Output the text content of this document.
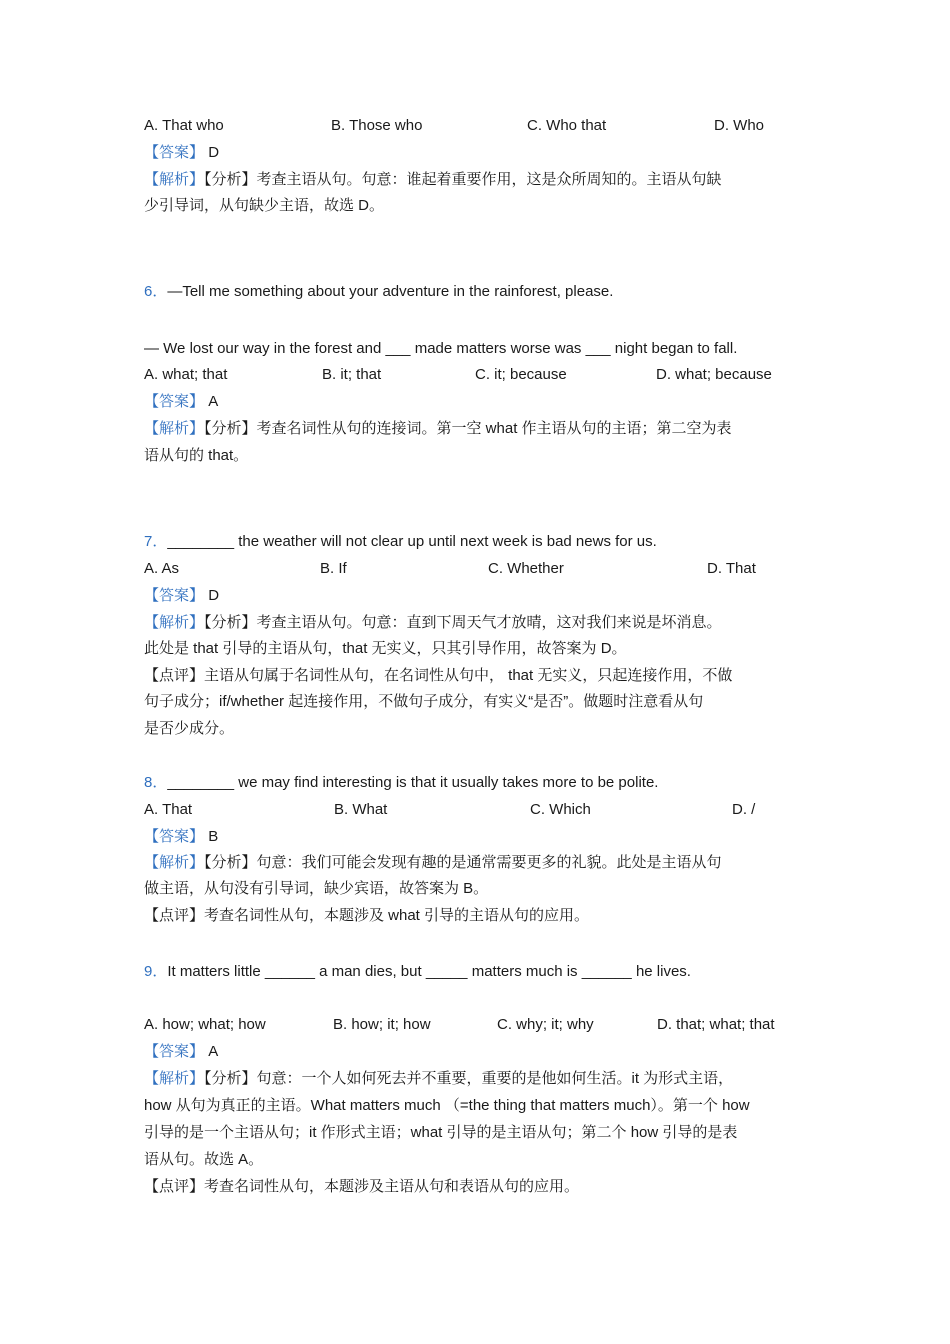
A. That who	B. Those who	C. Who that	D. Who
【答案】 D
【解析】【分析】考查主语从句。句意：谁起着重要作用，这是众所周知的。主语从句缺
少引导词，从句缺少主语，故选 D。
6．—Tell me something about your adventure in the rainforest, please.
— We lost our way in the forest and ___ made matters worse was ___ night began to fall.
A. what; that	B. it; that	C. it; because	D. what; because
【答案】 A
【解析】【分析】考查名词性从句的连接词。第一空 what 作主语从句的主语；第二空为表
语从句的 that。
7．________ the weather will not clear up until next week is bad news for us.
A. As	B. If	C. Whether	D. That
【答案】 D
【解析】【分析】考查主语从句。句意：直到下周天气才放晴，这对我们来说是坏消息。
此处是 that 引导的主语从句，that 无实义，只其引导作用，故答案为 D。
【点评】主语从句属于名词性从句，在名词性从句中， that 无实义，只起连接作用，不做
句子成分；if/whether 起连接作用，不做句子成分，有实义“是否”。做题时注意看从句
是否少成分。
8．________ we may find interesting is that it usually takes more to be polite.
A. That	B. What	C. Which	D. /
【答案】 B
【解析】【分析】句意：我们可能会发现有趣的是通常需要更多的礼貌。此处是主语从句
做主语，从句没有引导词，缺少宾语，故答案为 B。
【点评】考查名词性从句，本题涉及 what 引导的主语从句的应用。
9．It matters little ______ a man dies, but _____ matters much is ______ he lives.
A. how; what; how	B. how; it; how	C. why; it; why	D. that; what; that
【答案】 A
【解析】【分析】句意：一个人如何死去并不重要，重要的是他如何生活。it 为形式主语，
how 从句为真正的主语。What matters much （=the thing that matters much）。第一个 how
引导的是一个主语从句；it 作形式主语；what 引导的是主语从句；第二个 how 引导的是表
语从句。故选 A。
【点评】考查名词性从句，本题涉及主语从句和表语从句的应用。
